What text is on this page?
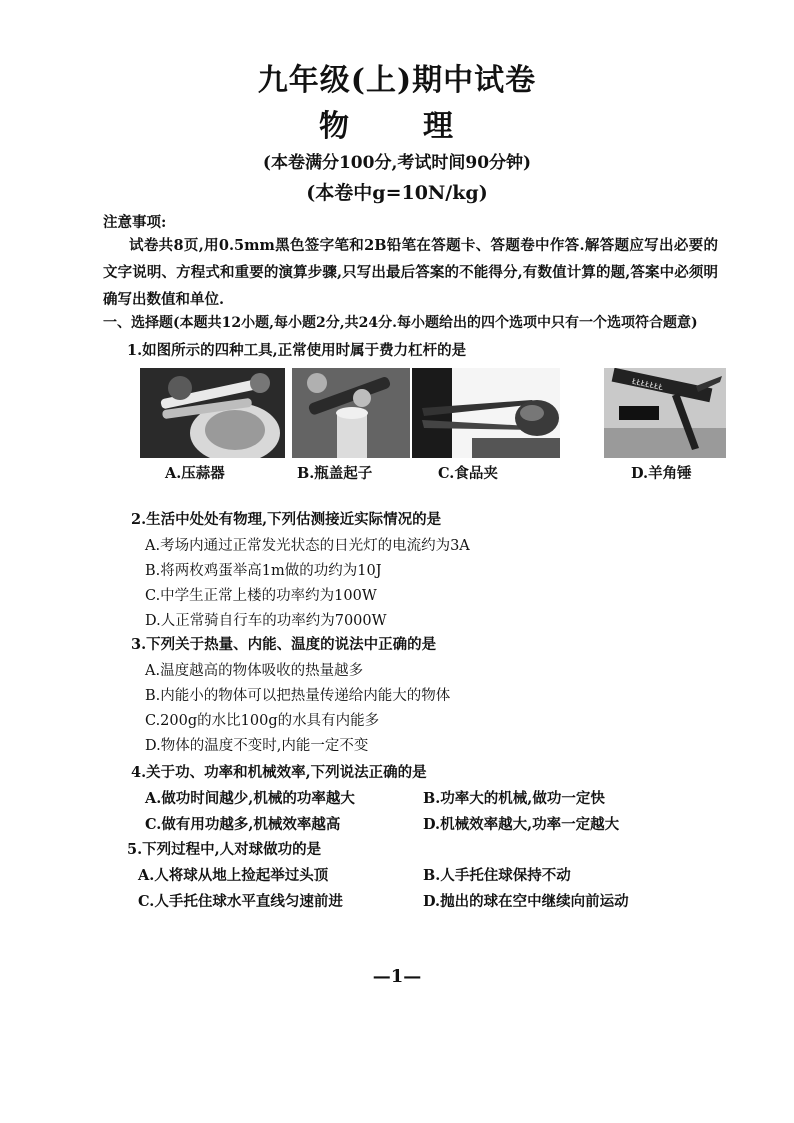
九年级(上)期中试卷
物　理
(本卷满分100分,考试时间90分钟)
(本卷中g=10N/kg)
注意事项:
试卷共8页,用0.5mm黑色签字笔和2B铅笔在答题卡、答题卷中作答.解答题应写出必要的文字说明、方程式和重要的演算步骤,只写出最后答案的不能得分,有数值计算的题,答案中必须明确写出数值和单位.
一、选择题(本题共12小题,每小题2分,共24分.每小题给出的四个选项中只有一个选项符合题意)
1.如图所示的四种工具,正常使用时属于费力杠杆的是
ŁŁŁŁŁŁŁ
A.压蒜器	B.瓶盖起子	C.食品夹	D.羊角锤
2.生活中处处有物理,下列估测接近实际情况的是
A.考场内通过正常发光状态的日光灯的电流约为3A
B.将两枚鸡蛋举高1m做的功约为10J
C.中学生正常上楼的功率约为100W
D.人正常骑自行车的功率约为7000W
3.下列关于热量、内能、温度的说法中正确的是
A.温度越高的物体吸收的热量越多
B.内能小的物体可以把热量传递给内能大的物体
C.200g的水比100g的水具有内能多
D.物体的温度不变时,内能一定不变
4.关于功、功率和机械效率,下列说法正确的是
A.做功时间越少,机械的功率越大	B.功率大的机械,做功一定快
C.做有用功越多,机械效率越高	D.机械效率越大,功率一定越大
5.下列过程中,人对球做功的是
A.人将球从地上捡起举过头顶	B.人手托住球保持不动
C.人手托住球水平直线匀速前进	D.抛出的球在空中继续向前运动
—1—
